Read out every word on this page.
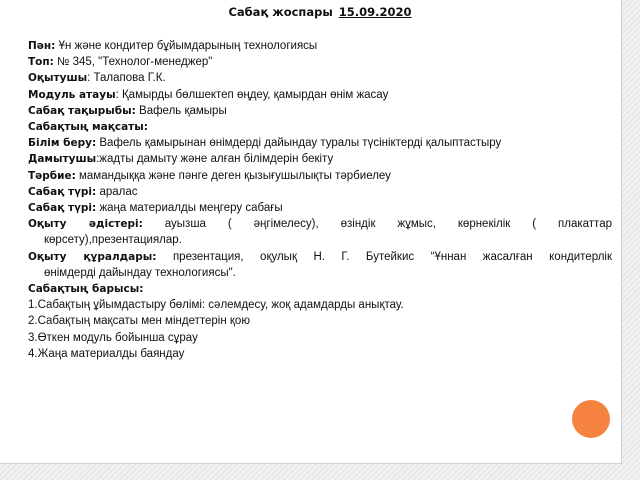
Сабақ жоспары 15.09.2020
Пән: Ұн және кондитер бұйымдарының технологиясы
Топ: № 345, "Технолог-менеджер"
Оқытушы: Талапова Г.К.
Модуль атауы: Қамырды бөлшектеп өңдеу, қамырдан өнім жасау
Сабақ тақырыбы: Вафель қамыры
Сабақтың мақсаты:
Білім беру: Вафель қамырынан өнімдерді дайындау туралы түсініктерді қалыптастыру
Дамытушы:жадты дамыту және алған білімдерін бекіту
Тәрбие: мамандыққа және пәнге деген қызығушылықты тәрбиелеу
Сабақ түрі: аралас
Сабақ түрі: жаңа материалды меңгеру сабағы
Оқыту әдістері: ауызша ( әңгімелесу), өзіндік жұмыс, көрнекілік ( плакаттар
көрсету),презентациялар.
Оқыту құралдары: презентация, оқулық Н. Г. Бутейкис “Ұннан жасалған кондитерлік
өнімдерді дайындау технологиясы".
Сабақтың барысы:
1.Сабақтың ұйымдастыру бөлімі: сәлемдесу, жоқ адамдарды анықтау.
2.Сабақтың мақсаты мен міндеттерін қою
3.Өткен модуль бойынша сұрау
4.Жаңа материалды баяндау
